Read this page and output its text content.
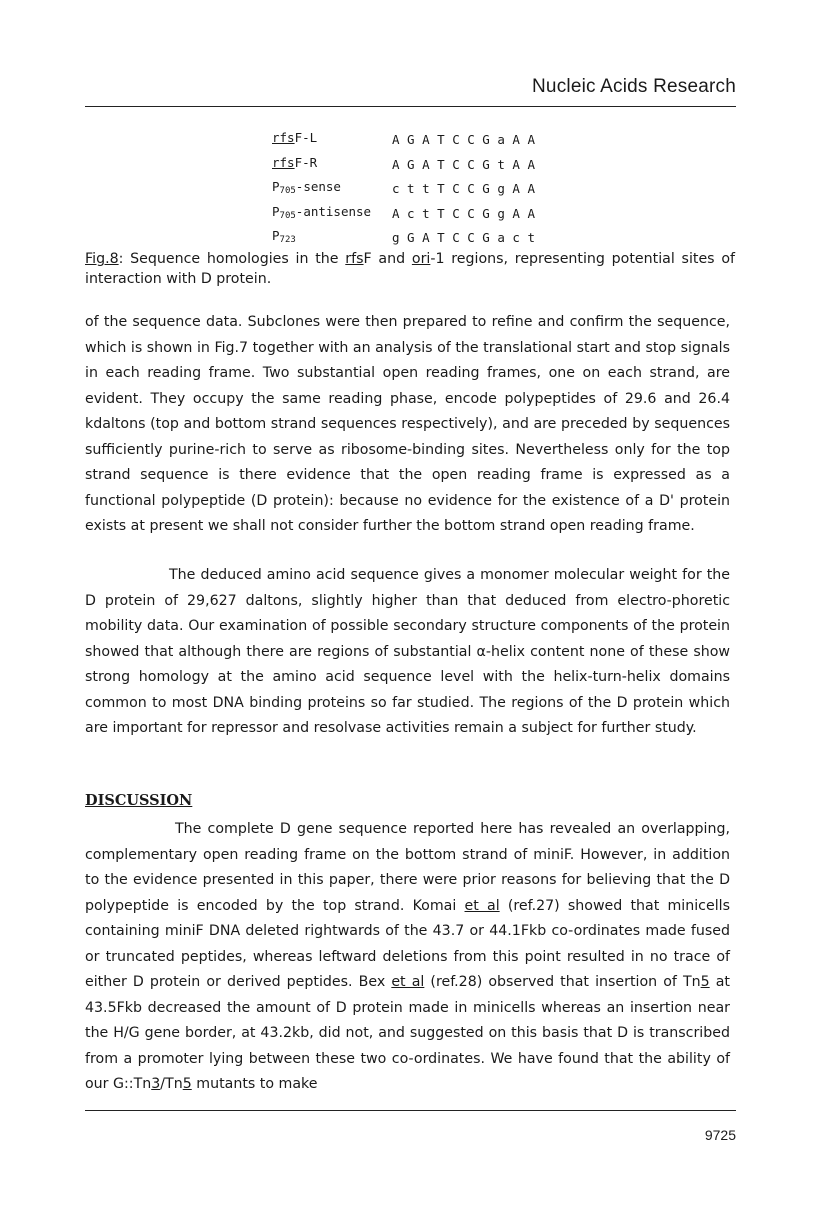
Nucleic Acids Research
rfsF-L	A G A T C C G a A A
rfsF-R	A G A T C C G t A A
P705-sense	c t t T C C G g A A
P705-antisense	A c t T C C G g A A
P723	g G A T C C G a c t
Fig.8: Sequence homologies in the rfsF and ori-1 regions, representing potential sites of interaction with D protein.

of the sequence data. Subclones were then prepared to refine and confirm the sequence, which is shown in Fig.7 together with an analysis of the translational start and stop signals in each reading frame. Two substantial open reading frames, one on each strand, are evident. They occupy the same reading phase, encode polypeptides of 29.6 and 26.4 kdaltons (top and bottom strand sequences respectively), and are preceded by sequences sufficiently purine-rich to serve as ribosome-binding sites. Nevertheless only for the top strand sequence is there evidence that the open reading frame is expressed as a functional polypeptide (D protein): because no evidence for the existence of a D' protein exists at present we shall not consider further the bottom strand open reading frame.

The deduced amino acid sequence gives a monomer molecular weight for the D protein of 29,627 daltons, slightly higher than that deduced from electro-phoretic mobility data. Our examination of possible secondary structure components of the protein showed that although there are regions of substantial α-helix content none of these show strong homology at the amino acid sequence level with the helix-turn-helix domains common to most DNA binding proteins so far studied. The regions of the D protein which are important for repressor and resolvase activities remain a subject for further study.

DISCUSSION

The complete D gene sequence reported here has revealed an overlapping, complementary open reading frame on the bottom strand of miniF. However, in addition to the evidence presented in this paper, there were prior reasons for believing that the D polypeptide is encoded by the top strand. Komai et al (ref.27) showed that minicells containing miniF DNA deleted rightwards of the 43.7 or 44.1Fkb co-ordinates made fused or truncated peptides, whereas leftward deletions from this point resulted in no trace of either D protein or derived peptides. Bex et al (ref.28) observed that insertion of Tn5 at 43.5Fkb decreased the amount of D protein made in minicells whereas an insertion near the H/G gene border, at 43.2kb, did not, and suggested on this basis that D is transcribed from a promoter lying between these two co-ordinates. We have found that the ability of our G::Tn3/Tn5 mutants to make

9725
